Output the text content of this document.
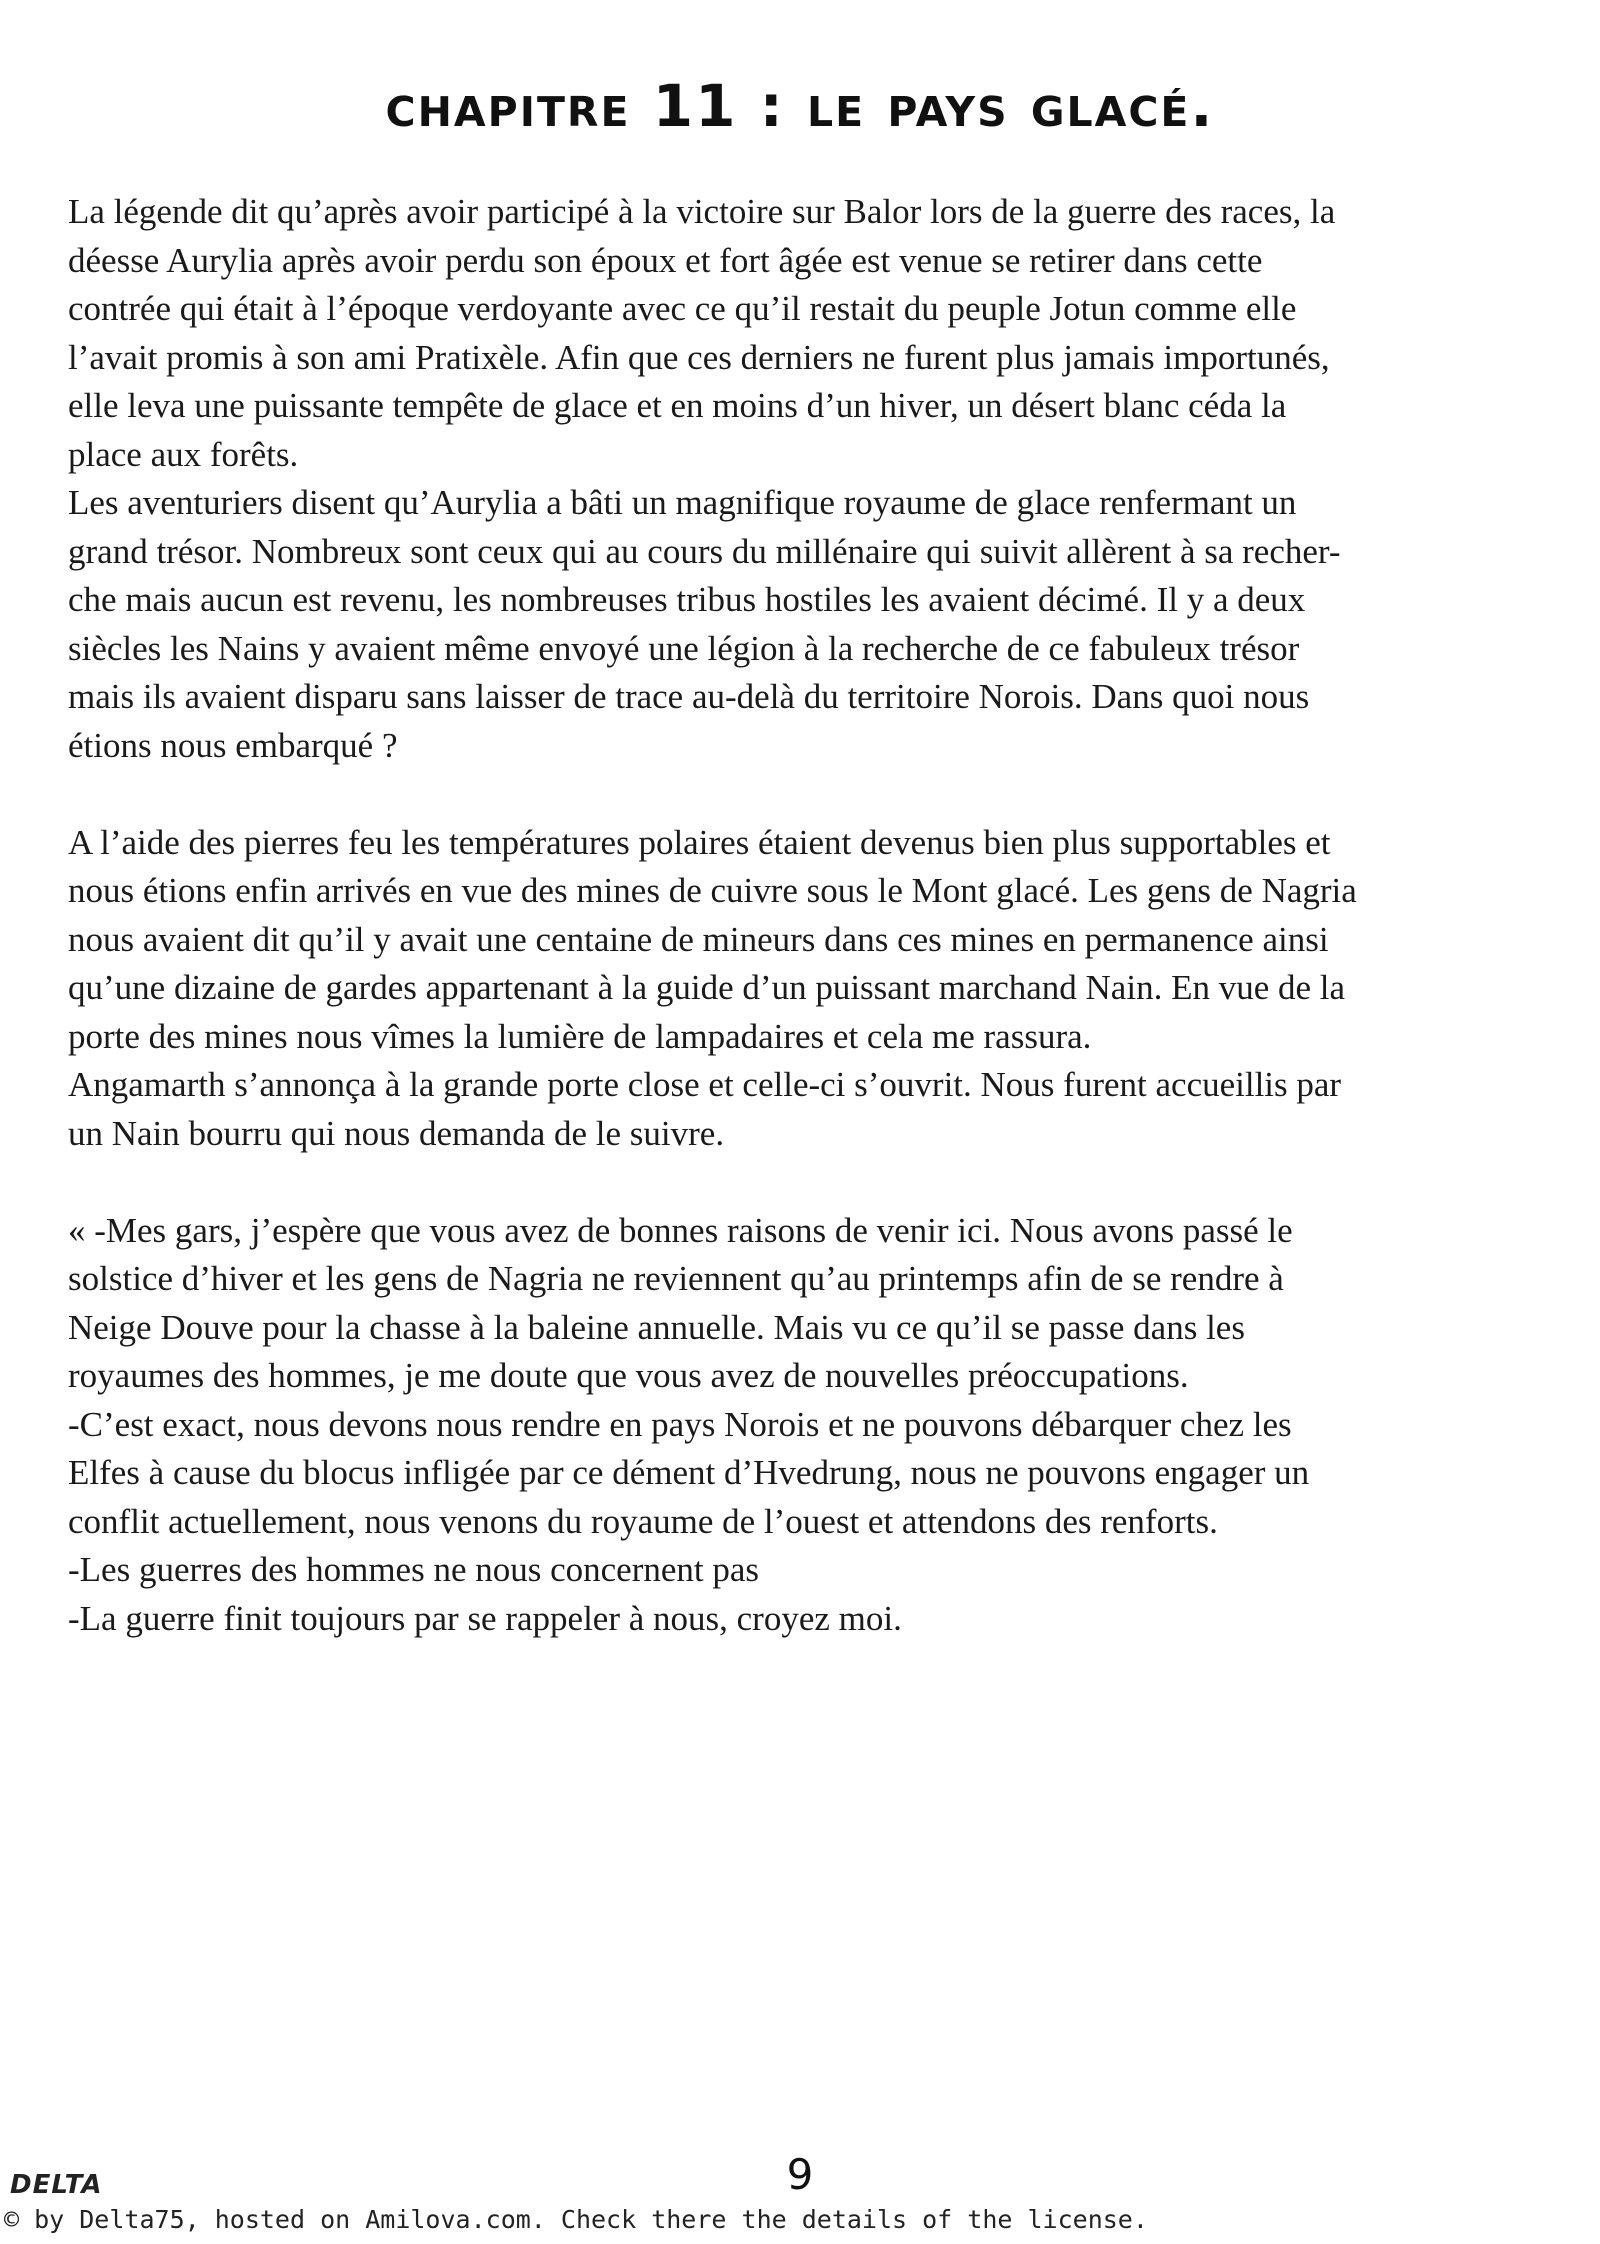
chapitre 11 : le pays glacé.

La légende dit qu’après avoir participé à la victoire sur Balor lors de la guerre des races, la
déesse Aurylia après avoir perdu son époux et fort âgée est venue se retirer dans cette
contrée qui était à l’époque verdoyante avec ce qu’il restait du peuple Jotun comme elle
l’avait promis à son ami Pratixèle. Afin que ces derniers ne furent plus jamais importunés,
elle leva une puissante tempête de glace et en moins d’un hiver, un désert blanc céda la
place aux forêts.
Les aventuriers disent qu’Aurylia a bâti un magnifique royaume de glace renfermant un
grand trésor. Nombreux sont ceux qui au cours du millénaire qui suivit allèrent à sa recher-
che mais aucun est revenu, les nombreuses tribus hostiles les avaient décimé. Il y a deux
siècles les Nains y avaient même envoyé une légion à la recherche de ce fabuleux trésor
mais ils avaient disparu sans laisser de trace au-delà du territoire Norois. Dans quoi nous
étions nous embarqué ?

A l’aide des pierres feu les températures polaires étaient devenus bien plus supportables et
nous étions enfin arrivés en vue des mines de cuivre sous le Mont glacé. Les gens de Nagria
nous avaient dit qu’il y avait une centaine de mineurs dans ces mines en permanence ainsi
qu’une dizaine de gardes appartenant à la guide d’un puissant marchand Nain. En vue de la
porte des mines nous vîmes la lumière de lampadaires et cela me rassura.
Angamarth s’annonça à la grande porte close et celle-ci s’ouvrit. Nous furent accueillis par
un Nain bourru qui nous demanda de le suivre.

« -Mes gars, j’espère que vous avez de bonnes raisons de venir ici. Nous avons passé le
solstice d’hiver et les gens de Nagria ne reviennent qu’au printemps afin de se rendre à
Neige Douve pour la chasse à la baleine annuelle. Mais vu ce qu’il se passe dans les
royaumes des hommes, je me doute que vous avez de nouvelles préoccupations.
-C’est exact, nous devons nous rendre en pays Norois et ne pouvons débarquer chez les
Elfes à cause du blocus infligée par ce dément d’Hvedrung, nous ne pouvons engager un
conflit actuellement, nous venons du royaume de l’ouest et attendons des renforts.
-Les guerres des hommes ne nous concernent pas
-La guerre finit toujours par se rappeler à nous, croyez moi.

DELTA	9
© by Delta75, hosted on Amilova.com. Check there the details of the license.
